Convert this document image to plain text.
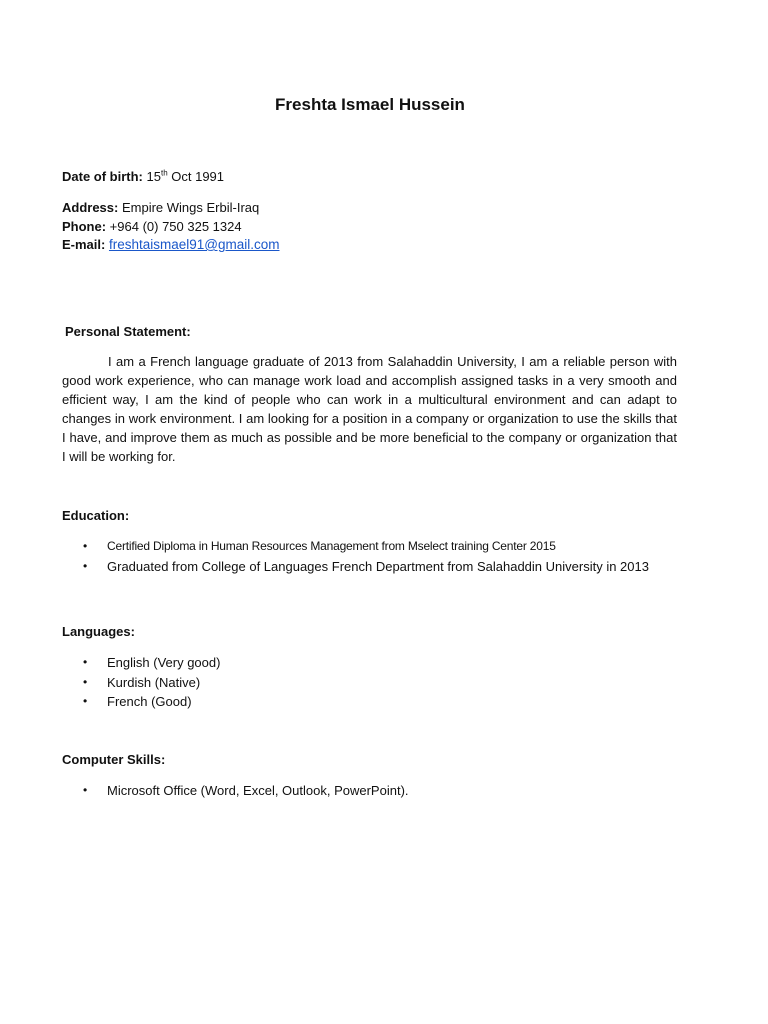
Freshta Ismael Hussein
Date of birth: 15th Oct 1991
Address: Empire Wings Erbil-Iraq
Phone: +964 (0) 750 325 1324
E-mail: freshtaismael91@gmail.com
Personal Statement:
I am a French language graduate of 2013 from Salahaddin University, I am a reliable person with good work experience, who can manage work load and accomplish assigned tasks in a very smooth and efficient way, I am the kind of people who can work in a multicultural environment and can adapt to changes in work environment. I am looking for a position in a company or organization to use the skills that I have, and improve them as much as possible and be more beneficial to the company or organization that I will be working for.
Education:
• Certified Diploma in Human Resources Management from Mselect training Center 2015
• Graduated from College of Languages French Department from Salahaddin University in 2013
Languages:
• English (Very good)
• Kurdish (Native)
• French (Good)
Computer Skills:
• Microsoft Office (Word, Excel, Outlook, PowerPoint).
